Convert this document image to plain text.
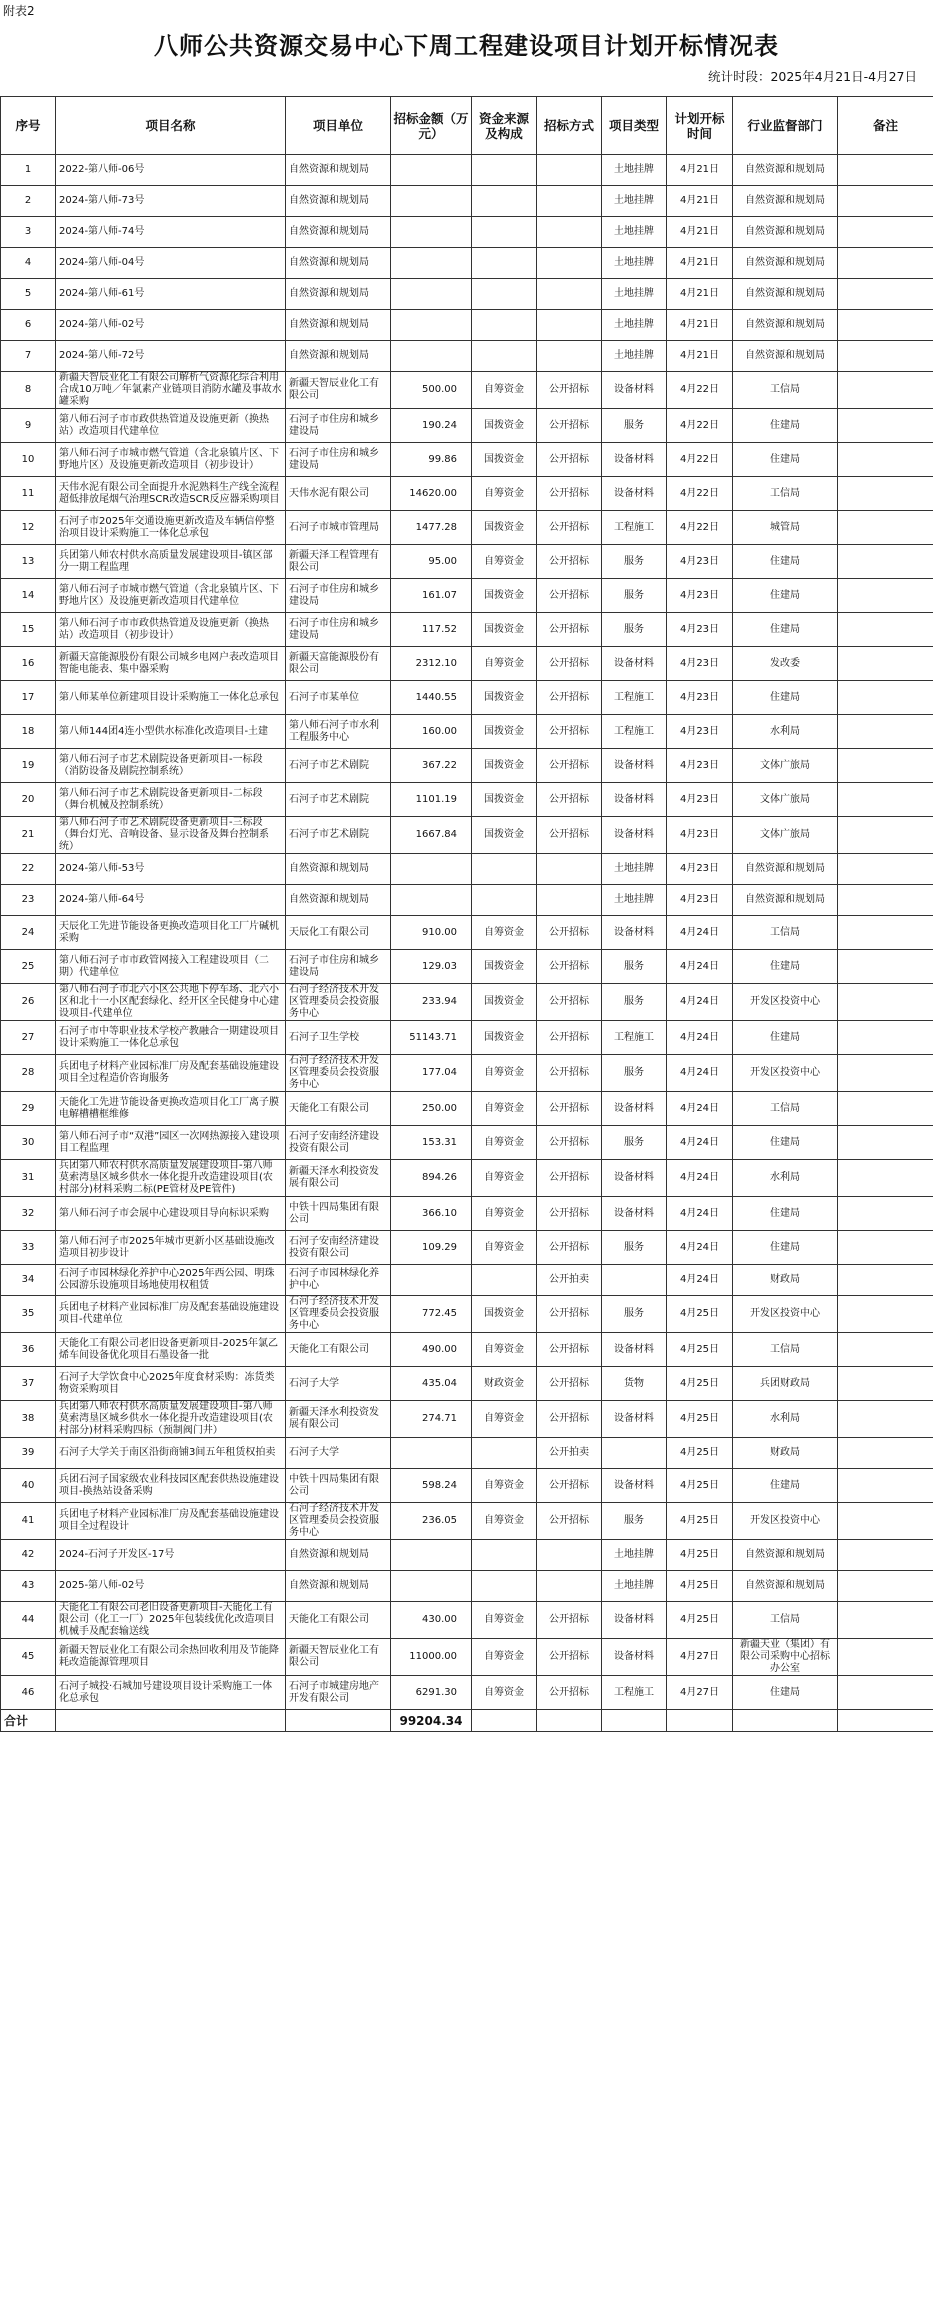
附表2
八师公共资源交易中心下周工程建设项目计划开标情况表
统计时段：2025年4月21日-4月27日
序号	项目名称	项目单位	招标金额（万元）	资金来源及构成	招标方式	项目类型	计划开标时间	行业监督部门	备注
1	2022-第八师-06号	自然资源和规划局				土地挂牌	4月21日	自然资源和规划局	
2	2024-第八师-73号	自然资源和规划局				土地挂牌	4月21日	自然资源和规划局	
3	2024-第八师-74号	自然资源和规划局				土地挂牌	4月21日	自然资源和规划局	
4	2024-第八师-04号	自然资源和规划局				土地挂牌	4月21日	自然资源和规划局	
5	2024-第八师-61号	自然资源和规划局				土地挂牌	4月21日	自然资源和规划局	
6	2024-第八师-02号	自然资源和规划局				土地挂牌	4月21日	自然资源和规划局	
7	2024-第八师-72号	自然资源和规划局				土地挂牌	4月21日	自然资源和规划局	
8	新疆天智辰业化工有限公司解析气资源化综合利用合成10万吨／年氯素产业链项目消防水罐及事故水罐采购	新疆天智辰业化工有限公司	500.00	自筹资金	公开招标	设备材料	4月22日	工信局	
9	第八师石河子市市政供热管道及设施更新（换热站）改造项目代建单位	石河子市住房和城乡建设局	190.24	国拨资金	公开招标	服务	4月22日	住建局	
10	第八师石河子市城市燃气管道（含北泉镇片区、下野地片区）及设施更新改造项目（初步设计）	石河子市住房和城乡建设局	99.86	国拨资金	公开招标	设备材料	4月22日	住建局	
11	天伟水泥有限公司全面提升水泥熟料生产线全流程超低排放尾烟气治理SCR改造SCR反应器采购项目	天伟水泥有限公司	14620.00	自筹资金	公开招标	设备材料	4月22日	工信局	
12	石河子市2025年交通设施更新改造及车辆信停整治项目设计采购施工一体化总承包	石河子市城市管理局	1477.28	国拨资金	公开招标	工程施工	4月22日	城管局	
13	兵团第八师农村供水高质量发展建设项目-镇区部分一期工程监理	新疆天泽工程管理有限公司	95.00	自筹资金	公开招标	服务	4月23日	住建局	
14	第八师石河子市城市燃气管道（含北泉镇片区、下野地片区）及设施更新改造项目代建单位	石河子市住房和城乡建设局	161.07	国拨资金	公开招标	服务	4月23日	住建局	
15	第八师石河子市市政供热管道及设施更新（换热站）改造项目（初步设计）	石河子市住房和城乡建设局	117.52	国拨资金	公开招标	服务	4月23日	住建局	
16	新疆天富能源股份有限公司城乡电网户表改造项目智能电能表、集中器采购	新疆天富能源股份有限公司	2312.10	自筹资金	公开招标	设备材料	4月23日	发改委	
17	第八师某单位新建项目设计采购施工一体化总承包	石河子市某单位	1440.55	国拨资金	公开招标	工程施工	4月23日	住建局	
18	第八师144团4连小型供水标准化改造项目-土建	第八师石河子市水利工程服务中心	160.00	国拨资金	公开招标	工程施工	4月23日	水利局	
19	第八师石河子市艺术剧院设备更新项目-一标段（消防设备及剧院控制系统）	石河子市艺术剧院	367.22	国拨资金	公开招标	设备材料	4月23日	文体广旅局	
20	第八师石河子市艺术剧院设备更新项目-二标段（舞台机械及控制系统）	石河子市艺术剧院	1101.19	国拨资金	公开招标	设备材料	4月23日	文体广旅局	
21	第八师石河子市艺术剧院设备更新项目-三标段（舞台灯光、音响设备、显示设备及舞台控制系统）	石河子市艺术剧院	1667.84	国拨资金	公开招标	设备材料	4月23日	文体广旅局	
22	2024-第八师-53号	自然资源和规划局				土地挂牌	4月23日	自然资源和规划局	
23	2024-第八师-64号	自然资源和规划局				土地挂牌	4月23日	自然资源和规划局	
24	天辰化工先进节能设备更换改造项目化工厂片碱机采购	天辰化工有限公司	910.00	自筹资金	公开招标	设备材料	4月24日	工信局	
25	第八师石河子市市政管网接入工程建设项目（二期）代建单位	石河子市住房和城乡建设局	129.03	国拨资金	公开招标	服务	4月24日	住建局	
26	第八师石河子市北六小区公共地下停车场、北六小区和北十一小区配套绿化、经开区全民健身中心建设项目-代建单位	石河子经济技术开发区管理委员会投资服务中心	233.94	国拨资金	公开招标	服务	4月24日	开发区投资中心	
27	石河子市中等职业技术学校产教融合一期建设项目设计采购施工一体化总承包	石河子卫生学校	51143.71	国拨资金	公开招标	工程施工	4月24日	住建局	
28	兵团电子材料产业园标准厂房及配套基础设施建设项目全过程造价咨询服务	石河子经济技术开发区管理委员会投资服务中心	177.04	自筹资金	公开招标	服务	4月24日	开发区投资中心	
29	天能化工先进节能设备更换改造项目化工厂离子膜电解槽槽框维修	天能化工有限公司	250.00	自筹资金	公开招标	设备材料	4月24日	工信局	
30	第八师石河子市“双港”园区一次网热源接入建设项目工程监理	石河子安南经济建设投资有限公司	153.31	自筹资金	公开招标	服务	4月24日	住建局	
31	兵团第八师农村供水高质量发展建设项目-第八师莫索湾垦区城乡供水一体化提升改造建设项目(农村部分)材料采购二标(PE管材及PE管件)	新疆天泽水利投资发展有限公司	894.26	自筹资金	公开招标	设备材料	4月24日	水利局	
32	第八师石河子市会展中心建设项目导向标识采购	中铁十四局集团有限公司	366.10	自筹资金	公开招标	设备材料	4月24日	住建局	
33	第八师石河子市2025年城市更新小区基础设施改造项目初步设计	石河子安南经济建设投资有限公司	109.29	自筹资金	公开招标	服务	4月24日	住建局	
34	石河子市园林绿化养护中心2025年西公园、明珠公园游乐设施项目场地使用权租赁	石河子市园林绿化养护中心			公开拍卖		4月24日	财政局	
35	兵团电子材料产业园标准厂房及配套基础设施建设项目-代建单位	石河子经济技术开发区管理委员会投资服务中心	772.45	国拨资金	公开招标	服务	4月25日	开发区投资中心	
36	天能化工有限公司老旧设备更新项目-2025年氯乙烯车间设备优化项目石墨设备一批	天能化工有限公司	490.00	自筹资金	公开招标	设备材料	4月25日	工信局	
37	石河子大学饮食中心2025年度食材采购：冻货类物资采购项目	石河子大学	435.04	财政资金	公开招标	货物	4月25日	兵团财政局	
38	兵团第八师农村供水高质量发展建设项目-第八师莫索湾垦区城乡供水一体化提升改造建设项目(农村部分)材料采购四标（预制阀门井）	新疆天泽水利投资发展有限公司	274.71	自筹资金	公开招标	设备材料	4月25日	水利局	
39	石河子大学关于南区沿街商铺3间五年租赁权拍卖	石河子大学			公开拍卖		4月25日	财政局	
40	兵团石河子国家级农业科技园区配套供热设施建设项目-换热站设备采购	中铁十四局集团有限公司	598.24	自筹资金	公开招标	设备材料	4月25日	住建局	
41	兵团电子材料产业园标准厂房及配套基础设施建设项目全过程设计	石河子经济技术开发区管理委员会投资服务中心	236.05	自筹资金	公开招标	服务	4月25日	开发区投资中心	
42	2024-石河子开发区-17号	自然资源和规划局				土地挂牌	4月25日	自然资源和规划局	
43	2025-第八师-02号	自然资源和规划局				土地挂牌	4月25日	自然资源和规划局	
44	天能化工有限公司老旧设备更新项目-天能化工有限公司（化工一厂）2025年包装线优化改造项目机械手及配套输送线	天能化工有限公司	430.00	自筹资金	公开招标	设备材料	4月25日	工信局	
45	新疆天智辰业化工有限公司余热回收利用及节能降耗改造能源管理项目	新疆天智辰业化工有限公司	11000.00	自筹资金	公开招标	设备材料	4月27日	新疆天业（集团）有限公司采购中心招标办公室	
46	石河子城投·石城加号建设项目设计采购施工一体化总承包	石河子市城建房地产开发有限公司	6291.30	自筹资金	公开招标	工程施工	4月27日	住建局	
合计			99204.34						
